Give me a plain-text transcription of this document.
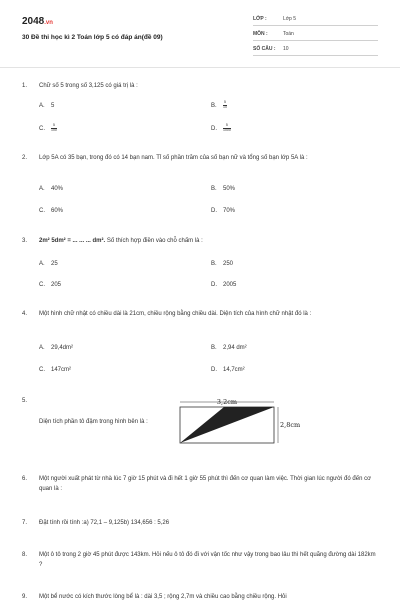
2048.vn
30 Đề thi học kì 2 Toán lớp 5 có đáp án(đề 09)
LỚP :	Lớp 5
MÔN :	Toán
SỐ CÂU : 10
1. Chữ số 5 trong số 3,125 có giá trị là :
A. 5	B. $\frac{5}{10}$
C. $\frac{5}{100}$	D. $\frac{5}{1000}$
2. Lớp 5A có 35 bạn, trong đó có 14 bạn nam. Tỉ số phần trăm của số bạn nữ và tổng số bạn lớp 5A là :
A. 40%	B. 50%
C. 60%	D. 70%
3. 2m² 5dm² = ... ... ... dm². Số thích hợp điền vào chỗ chấm là :
A. 25	B. 250
C. 205	D. 2005
4. Một hình chữ nhật có chiều dài là 21cm, chiều rộng bằng chiều dài. Diện tích của hình chữ nhật đó là :
A. 29,4dm²	B. 2,94 dm²
C. 147cm²	D. 14,7cm²
5.
Diện tích phần tô đậm trong hình bên là :
3,2cm
2,8cm
6. Một người xuất phát từ nhà lúc 7 giờ 15 phút và đi hết 1 giờ 55 phút thì đến cơ quan làm việc. Thời gian lúc người đó đến cơ quan là :
7. Đặt tính rồi tính :a) 72,1 – 9,125b) 134,656 : 5,26
8. Một ô tô trong 2 giờ 45 phút được 143km. Hỏi nếu ô tô đó đi với vận tốc như vậy trong bao lâu thì hết quãng đường dài 182km ?
9. Một bể nước có kích thước lòng bể là : dài 3,5 ; rộng 2,7m và chiều cao bằng chiều rộng. Hỏi
